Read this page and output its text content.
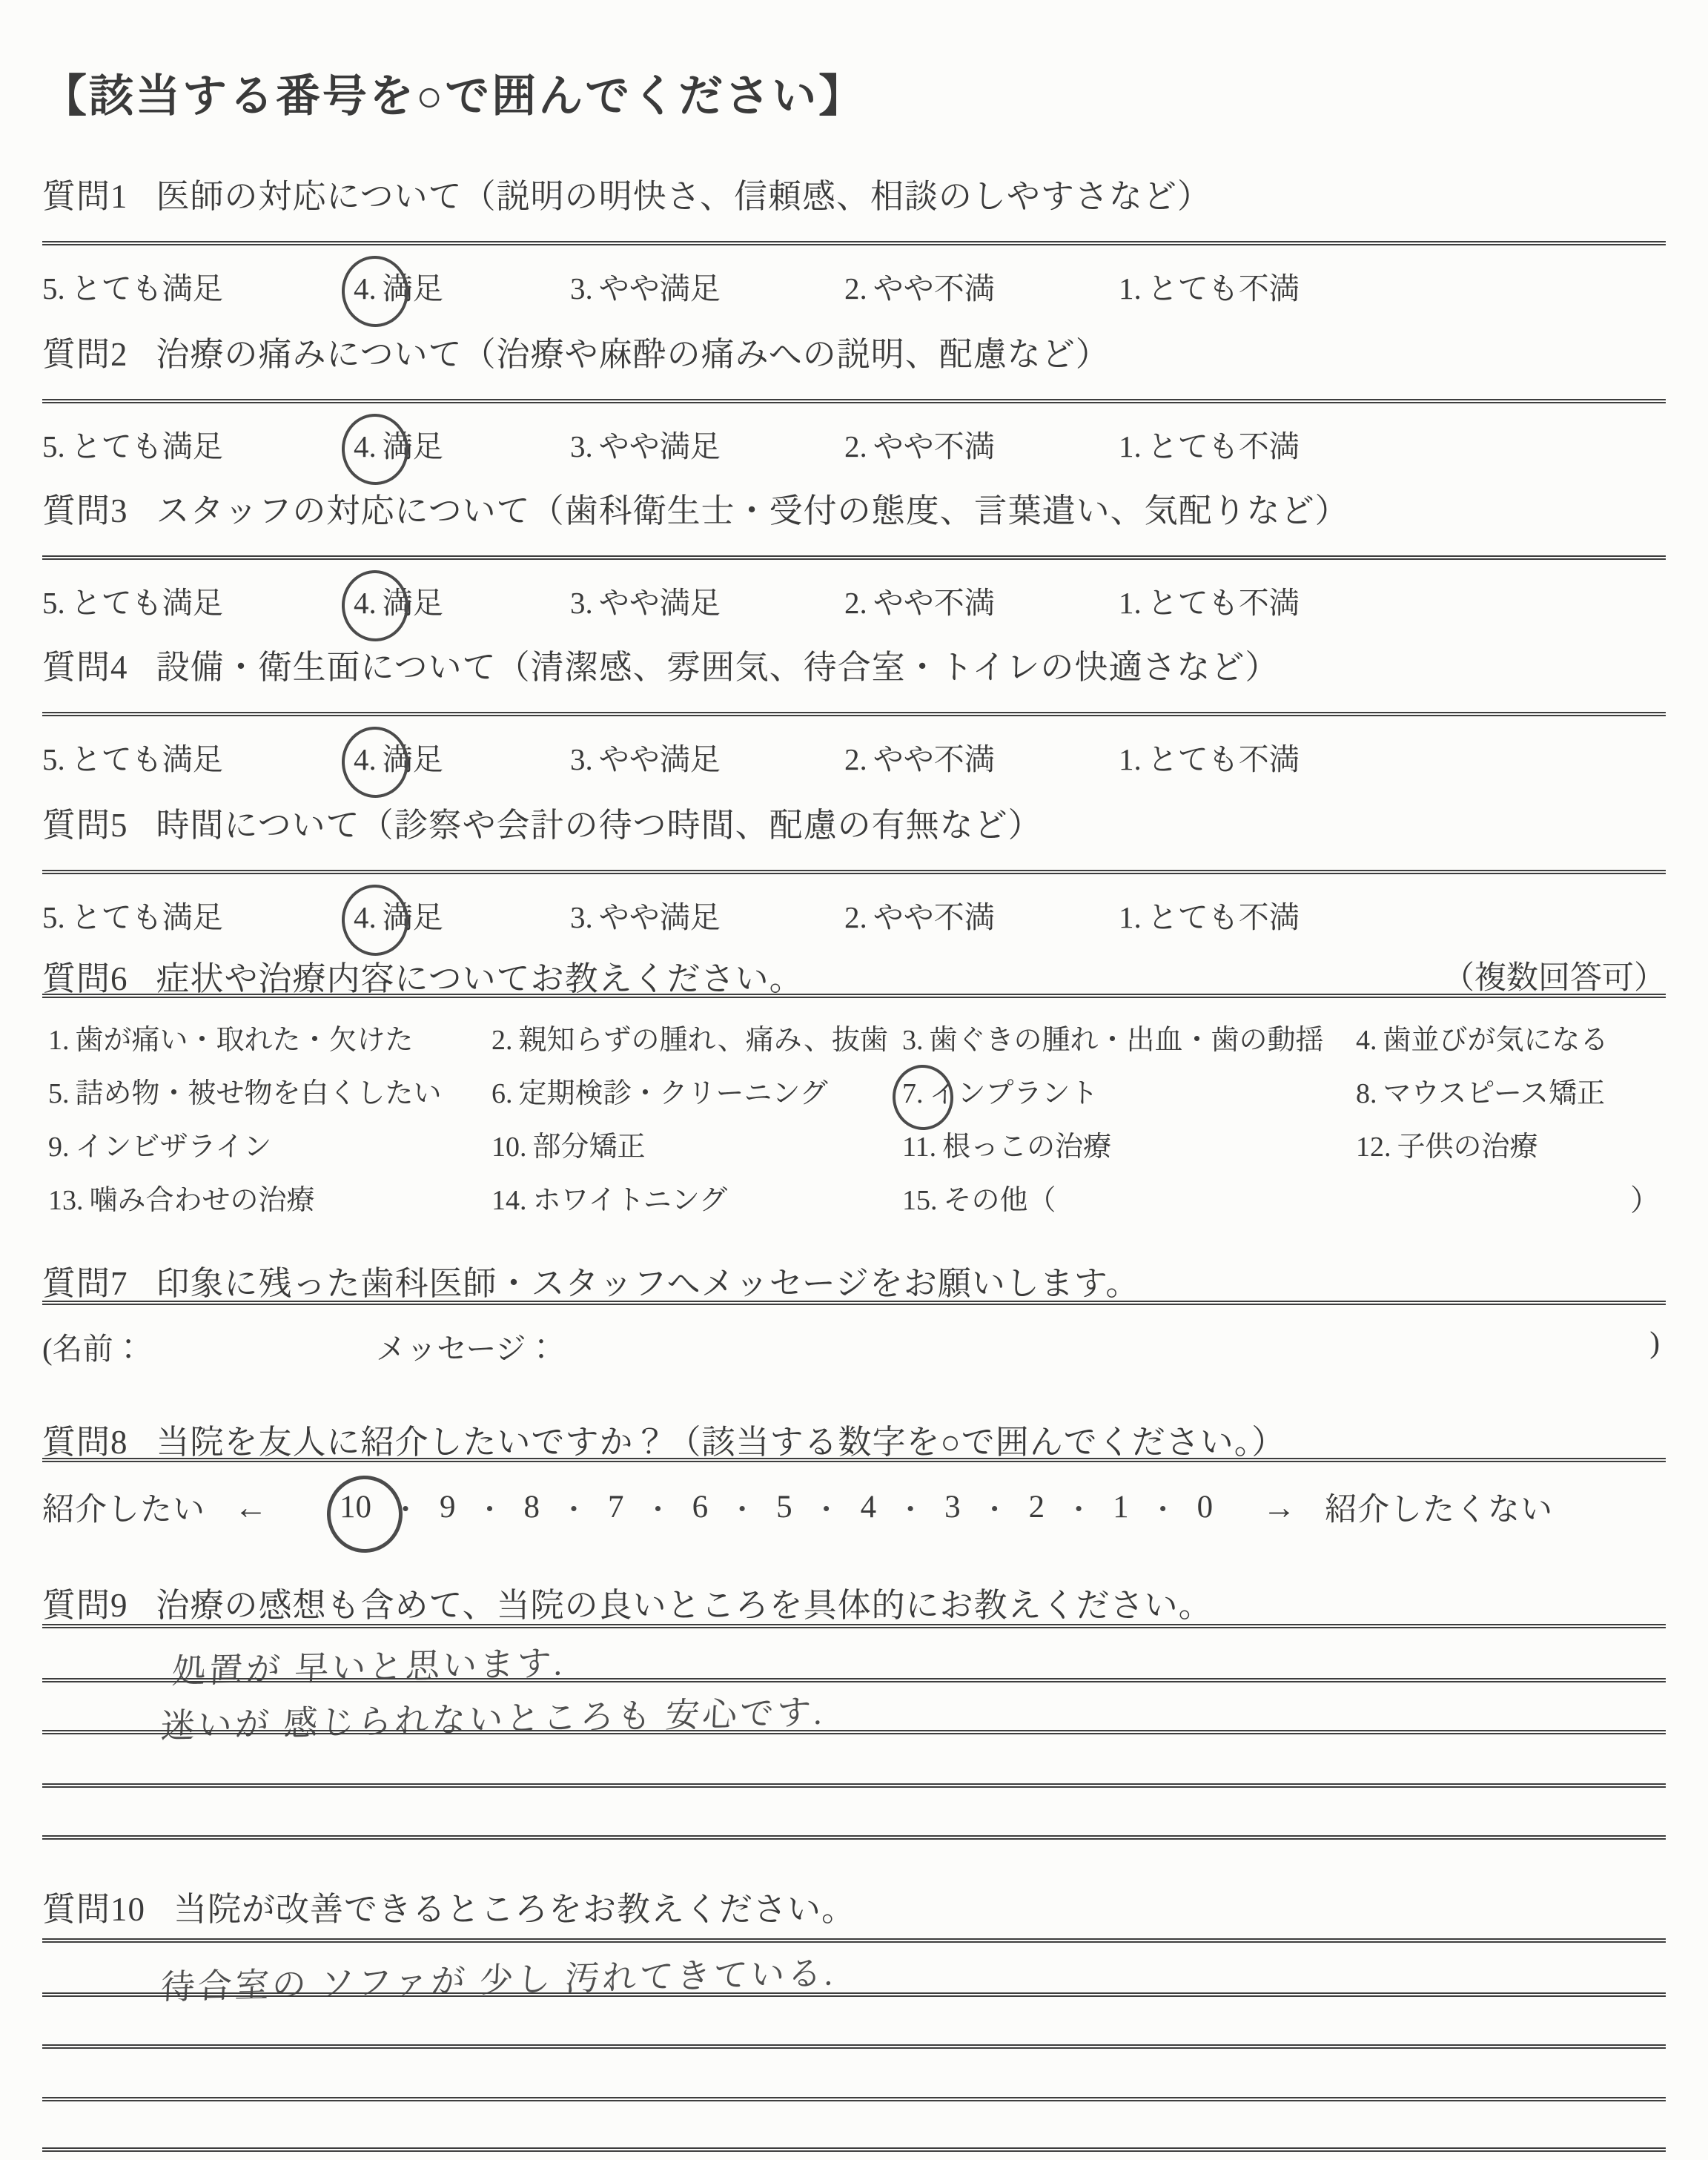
【該当する番号を○で囲んでください】
質問1 医師の対応について（説明の明快さ、信頼感、相談のしやすさなど）
5. とても満足	4. 満足	3. やや満足	2. やや不満	1. とても不満
質問2 治療の痛みについて（治療や麻酔の痛みへの説明、配慮など）
5. とても満足	4. 満足	3. やや満足	2. やや不満	1. とても不満
質問3 スタッフの対応について（歯科衛生士・受付の態度、言葉遣い、気配りなど）
5. とても満足	4. 満足	3. やや満足	2. やや不満	1. とても不満
質問4 設備・衛生面について（清潔感、雰囲気、待合室・トイレの快適さなど）
5. とても満足	4. 満足	3. やや満足	2. やや不満	1. とても不満
質問5 時間について（診察や会計の待つ時間、配慮の有無など）
5. とても満足	4. 満足	3. やや満足	2. やや不満	1. とても不満
質問6 症状や治療内容についてお教えください。	（複数回答可）
1. 歯が痛い・取れた・欠けた	2. 親知らずの腫れ、痛み、抜歯 3. 歯ぐきの腫れ・出血・歯の動揺 4. 歯並びが気になる
5. 詰め物・被せ物を白くしたい 6. 定期検診・クリーニング	7. インプラント	8. マウスピース矯正
9. インビザライン	10. 部分矯正	11. 根っこの治療	12. 子供の治療
13. 噛み合わせの治療	14. ホワイトニング	15. その他（	）
質問7 印象に残った歯科医師・スタッフへメッセージをお願いします。
(名前：	メッセージ：	)
質問8 当院を友人に紹介したいですか？（該当する数字を○で囲んでください。）
紹介したい ← 10 ・ 9 ・ 8 ・ 7 ・ 6 ・ 5 ・ 4 ・ 3 ・ 2 ・ 1 ・ 0 → 紹介したくない
質問9 治療の感想も含めて、当院の良いところを具体的にお教えください。
処置が 早いと思います.
迷いが 感じられないところも 安心です.
質問10 当院が改善できるところをお教えください。
待合室の ソファが 少し 汚れてきている.
